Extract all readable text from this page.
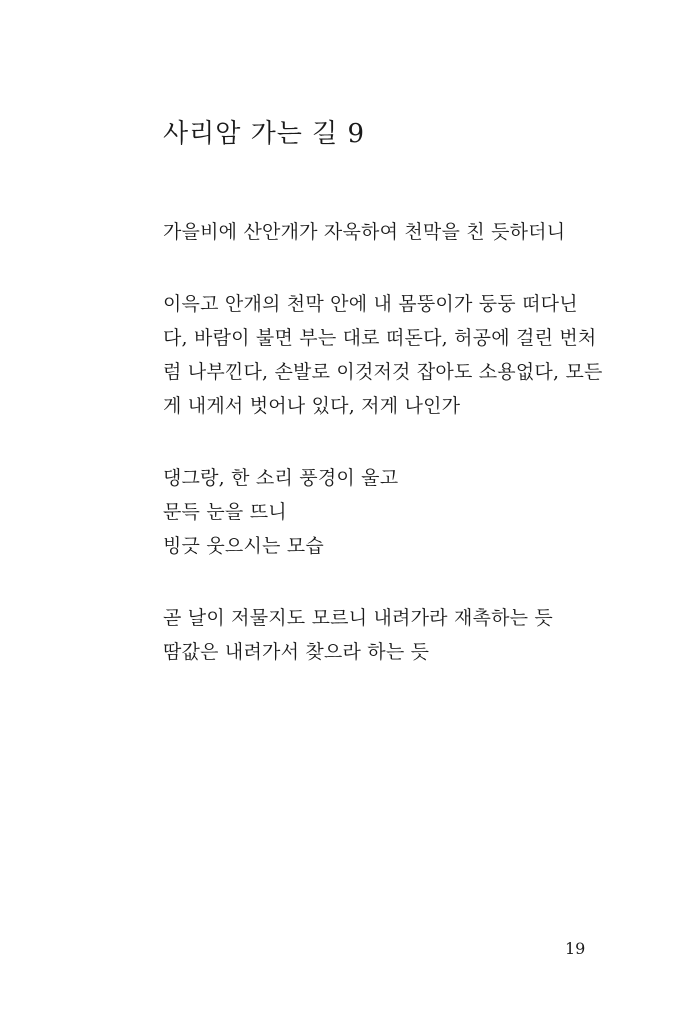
사리암 가는 길 9
가을비에 산안개가 자욱하여 천막을 친 듯하더니
이윽고 안개의 천막 안에 내 몸뚱이가 둥둥 떠다닌
다, 바람이 불면 부는 대로 떠돈다, 허공에 걸린 번처
럼 나부낀다, 손발로 이것저것 잡아도 소용없다, 모든
게 내게서 벗어나 있다, 저게 나인가
댕그랑, 한 소리 풍경이 울고
문득 눈을 뜨니
빙긋 웃으시는 모습
곧 날이 저물지도 모르니 내려가라 재촉하는 듯
땀값은 내려가서 찾으라 하는 듯
19
